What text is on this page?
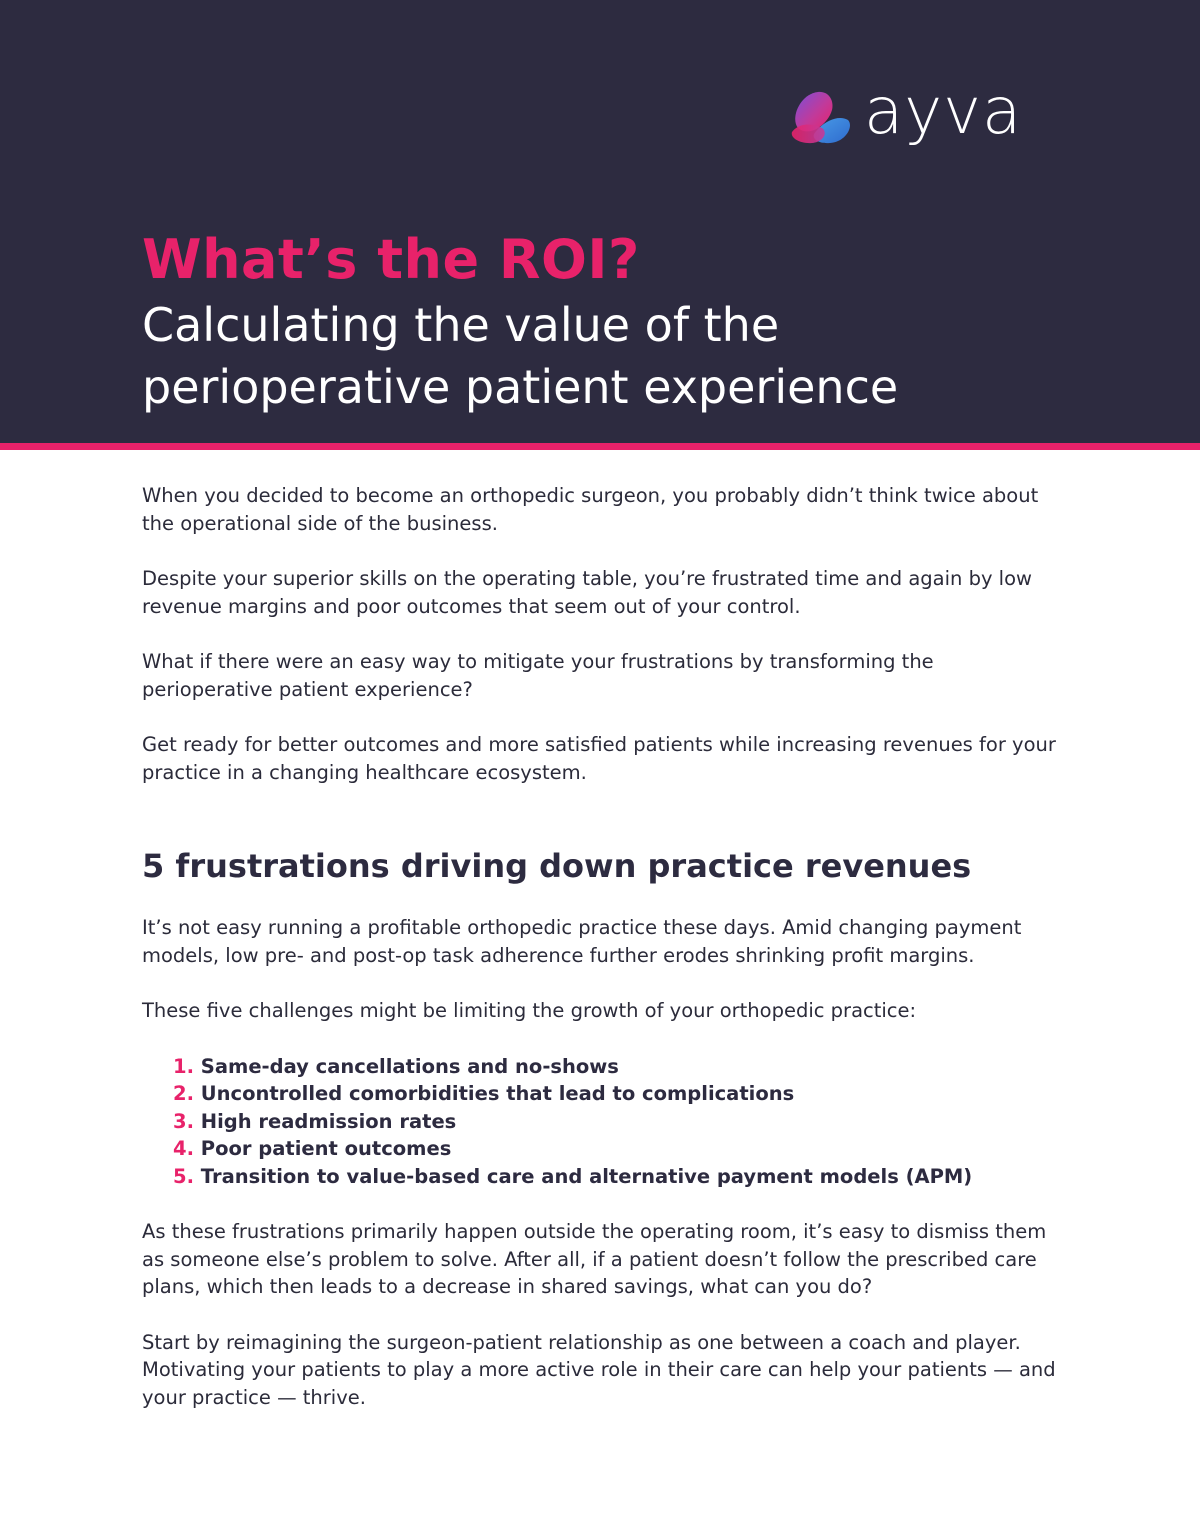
ayva
What’s the ROI?
Calculating the value of the
perioperative patient experience

When you decided to become an orthopedic surgeon, you probably didn’t think twice about the operational side of the business.

Despite your superior skills on the operating table, you’re frustrated time and again by low revenue margins and poor outcomes that seem out of your control.

What if there were an easy way to mitigate your frustrations by transforming the perioperative patient experience?

Get ready for better outcomes and more satisfied patients while increasing revenues for your practice in a changing healthcare ecosystem.

5 frustrations driving down practice revenues

It’s not easy running a profitable orthopedic practice these days. Amid changing payment models, low pre- and post-op task adherence further erodes shrinking profit margins.

These five challenges might be limiting the growth of your orthopedic practice:

1. Same-day cancellations and no-shows
2. Uncontrolled comorbidities that lead to complications
3. High readmission rates
4. Poor patient outcomes
5. Transition to value-based care and alternative payment models (APM)

As these frustrations primarily happen outside the operating room, it’s easy to dismiss them as someone else’s problem to solve. After all, if a patient doesn’t follow the prescribed care plans, which then leads to a decrease in shared savings, what can you do?

Start by reimagining the surgeon-patient relationship as one between a coach and player. Motivating your patients to play a more active role in their care can help your patients — and your practice — thrive.
